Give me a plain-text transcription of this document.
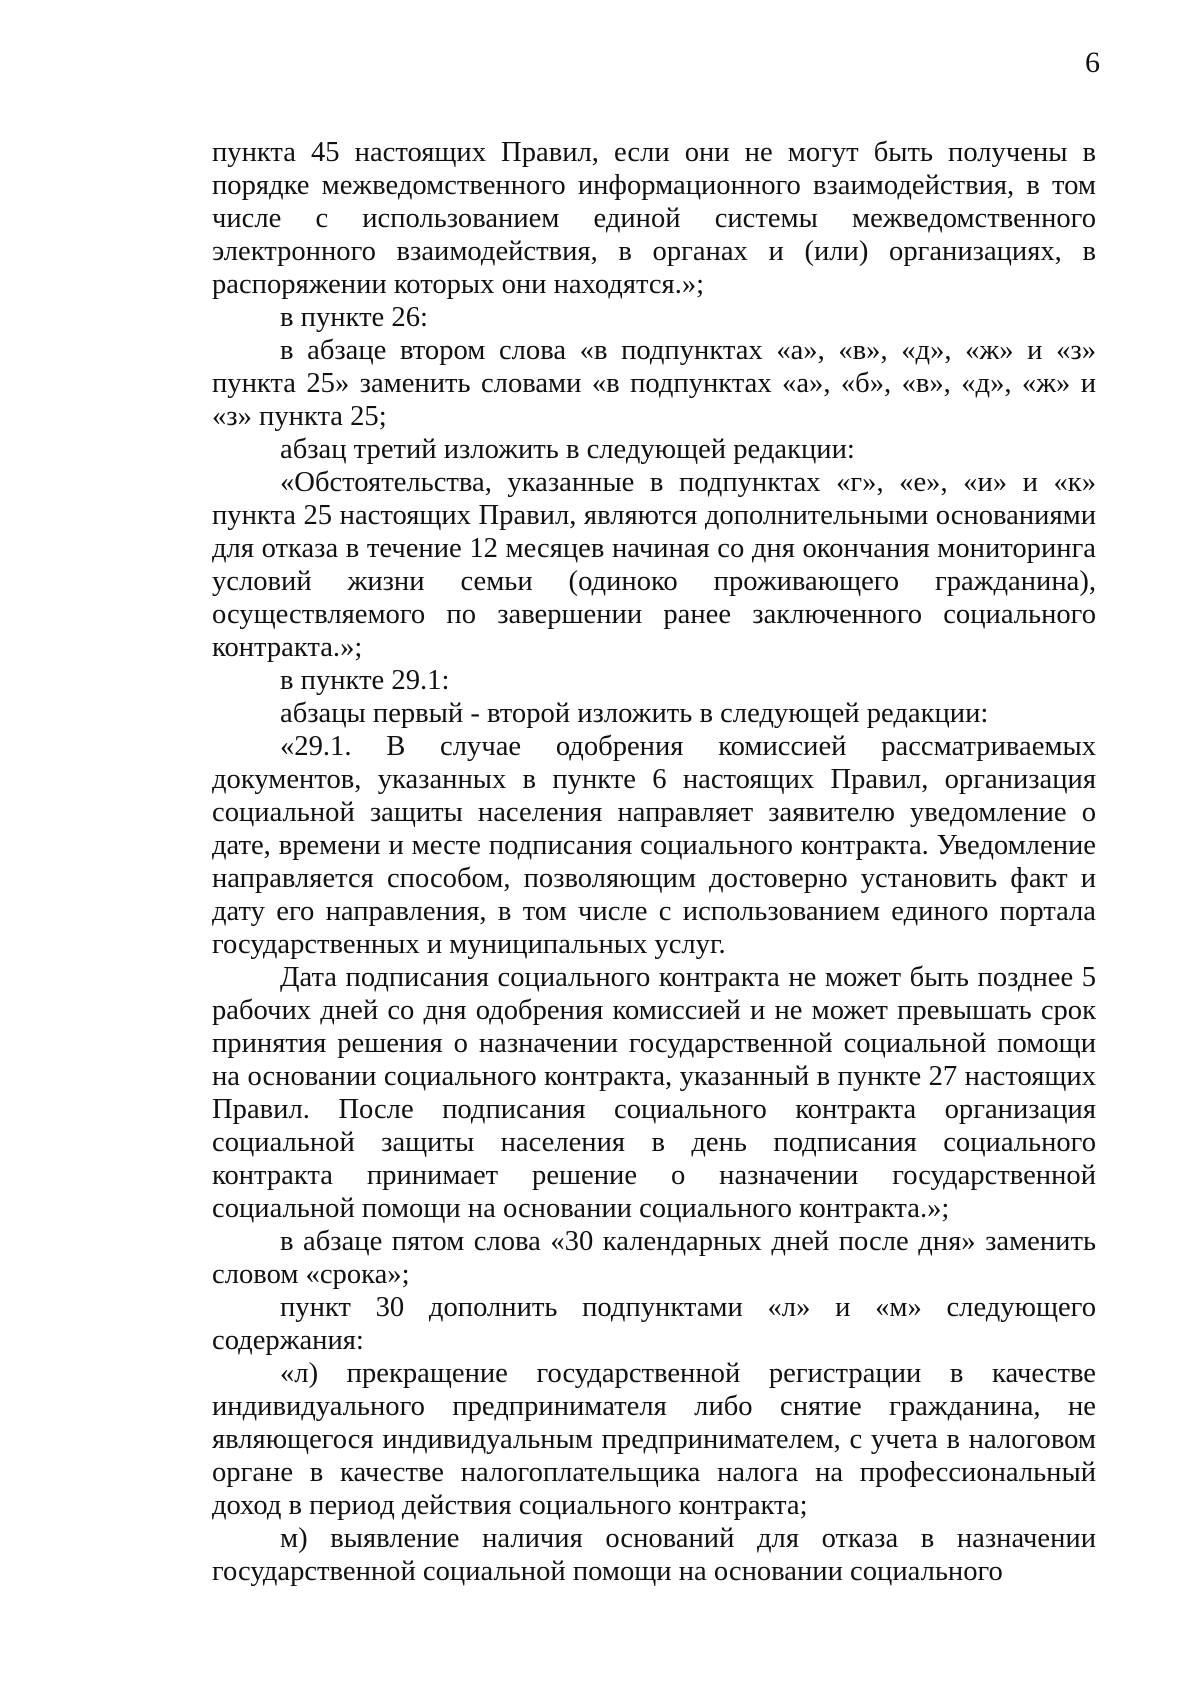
6

пункта 45 настоящих Правил, если они не могут быть получены в порядке межведомственного информационного взаимодействия, в том числе с использованием единой системы межведомственного электронного взаимодействия, в органах и (или) организациях, в распоряжении которых они находятся.»;

в пункте 26:

в абзаце втором слова «в подпунктах «а», «в», «д», «ж» и «з» пункта 25» заменить словами «в подпунктах «а», «б», «в», «д», «ж» и «з» пункта 25;

абзац третий изложить в следующей редакции:

«Обстоятельства, указанные в подпунктах «г», «е», «и» и «к» пункта 25 настоящих Правил, являются дополнительными основаниями для отказа в течение 12 месяцев начиная со дня окончания мониторинга условий жизни семьи (одиноко проживающего гражданина), осуществляемого по завершении ранее заключенного социального контракта.»;

в пункте 29.1:

абзацы первый - второй изложить в следующей редакции:

«29.1. В случае одобрения комиссией рассматриваемых документов, указанных в пункте 6 настоящих Правил, организация социальной защиты населения направляет заявителю уведомление о дате, времени и месте подписания социального контракта. Уведомление направляется способом, позволяющим достоверно установить факт и дату его направления, в том числе с использованием единого портала государственных и муниципальных услуг.

Дата подписания социального контракта не может быть позднее 5 рабочих дней со дня одобрения комиссией и не может превышать срок принятия решения о назначении государственной социальной помощи на основании социального контракта, указанный в пункте 27 настоящих Правил. После подписания социального контракта организация социальной защиты населения в день подписания социального контракта принимает решение о назначении государственной социальной помощи на основании социального контракта.»;

в абзаце пятом слова «30 календарных дней после дня» заменить словом «срока»;

пункт 30 дополнить подпунктами «л» и «м» следующего содержания:

«л) прекращение государственной регистрации в качестве индивидуального предпринимателя либо снятие гражданина, не являющегося индивидуальным предпринимателем, с учета в налоговом органе в качестве налогоплательщика налога на профессиональный доход в период действия социального контракта;

м) выявление наличия оснований для отказа в назначении государственной социальной помощи на основании социального
